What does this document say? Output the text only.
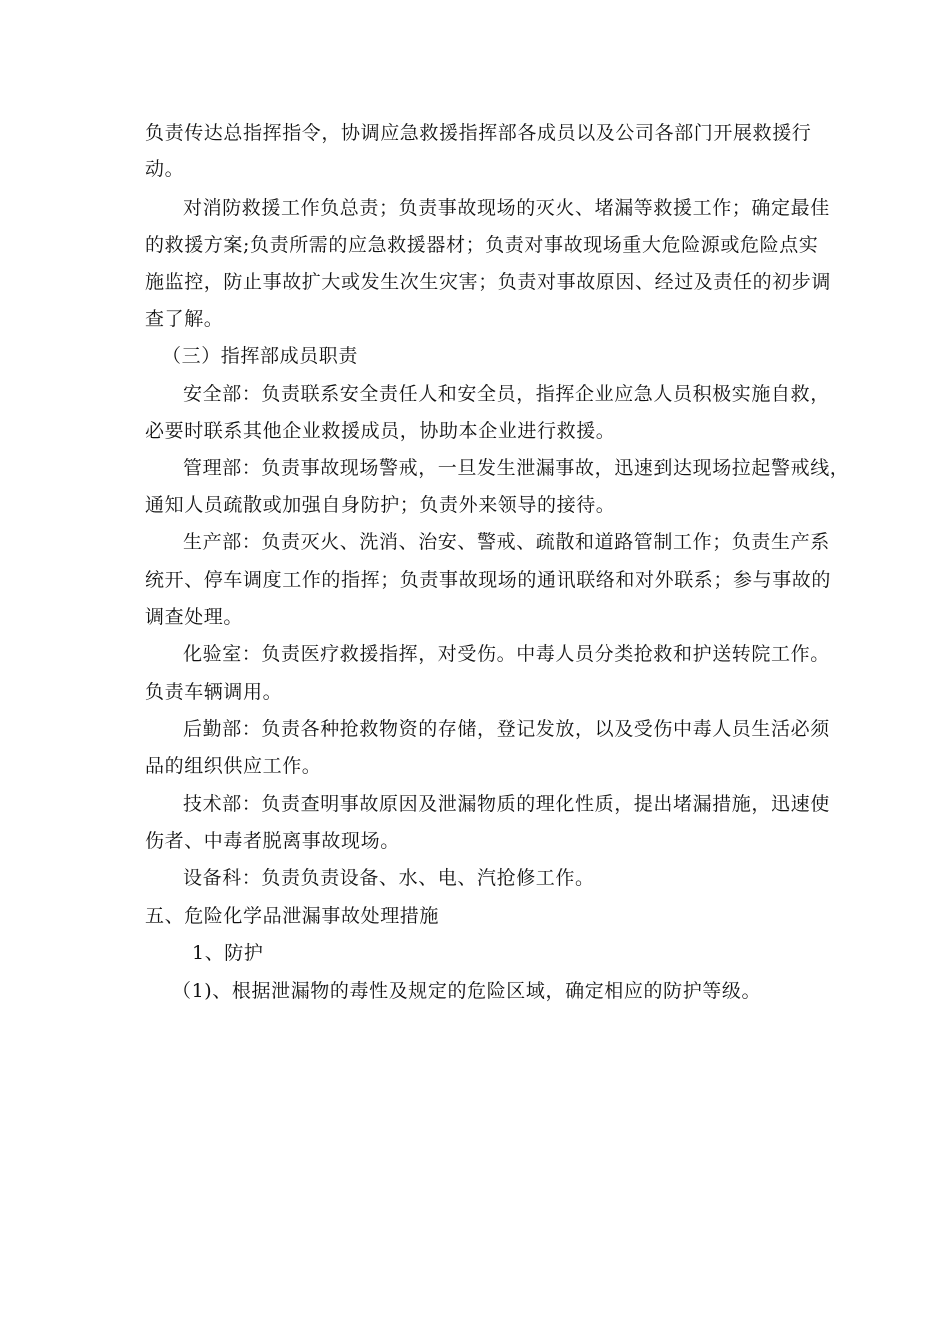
负责传达总指挥指令，协调应急救援指挥部各成员以及公司各部门开展救援行
动。
对消防救援工作负总责；负责事故现场的灭火、堵漏等救援工作；确定最佳
的救援方案;负责所需的应急救援器材；负责对事故现场重大危险源或危险点实
施监控，防止事故扩大或发生次生灾害；负责对事故原因、经过及责任的初步调
查了解。
（三）指挥部成员职责
安全部：负责联系安全责任人和安全员，指挥企业应急人员积极实施自救，
必要时联系其他企业救援成员，协助本企业进行救援。
管理部：负责事故现场警戒，一旦发生泄漏事故，迅速到达现场拉起警戒线，
通知人员疏散或加强自身防护；负责外来领导的接待。
生产部：负责灭火、洗消、治安、警戒、疏散和道路管制工作；负责生产系
统开、停车调度工作的指挥；负责事故现场的通讯联络和对外联系；参与事故的
调查处理。
化验室：负责医疗救援指挥，对受伤。中毒人员分类抢救和护送转院工作。
负责车辆调用。
后勤部：负责各种抢救物资的存储，登记发放，以及受伤中毒人员生活必须
品的组织供应工作。
技术部：负责查明事故原因及泄漏物质的理化性质，提出堵漏措施，迅速使
伤者、中毒者脱离事故现场。
设备科：负责负责设备、水、电、汽抢修工作。
五、危险化学品泄漏事故处理措施
1、防护
（1)、根据泄漏物的毒性及规定的危险区域，确定相应的防护等级。
